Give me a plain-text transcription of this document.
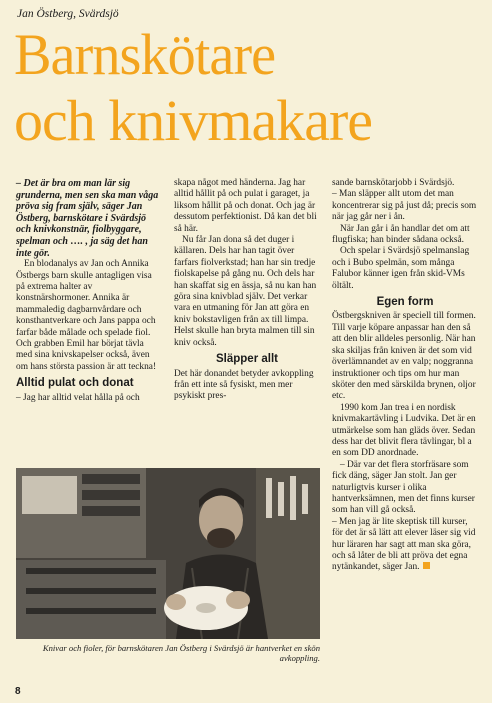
Jan Östberg, Svärdsjö
Barnskötare
och knivmakare

– Det är bra om man lär sig grunderna, men sen ska man våga pröva sig fram själv, säger Jan Östberg, barnskötare i Svärdsjö och knivkonstnär, fiolbyggare, spelman och …. , ja säg det han inte gör.

En blodanalys av Jan och Annika Östbergs barn skulle antagligen visa på extrema halter av konstnärshormoner. Annika är mammaledig dagbarnvårdare och konsthantverkare och Jans pappa och farfar både målade och spelade fiol. Och grabben Emil har börjat tävla med sina knivskapelser också, även om hans största passion är att teckna!

Alltid pulat och donat

– Jag har alltid velat hålla på och

skapa något med händerna. Jag har alltid hållit på och pulat i garaget, ja liksom hållit på och donat. Och jag är dessutom perfektionist. Då kan det bli så här.

Nu får Jan dona så det duger i källaren. Dels har han tagit över farfars fiolverkstad; han har sin tredje fiolskapelse på gång nu. Och dels har han skaffat sig en ässja, så nu kan han göra sina knivblad själv. Det verkar vara en utmaning för Jan att göra en kniv bokstavligen från ax till limpa. Helst skulle han bryta malmen till sin kniv också.

Släpper allt

Det här donandet betyder avkoppling från ett inte så fysiskt, men mer psykiskt pres-

sande barnskötarjobb i Svärdsjö.

– Man släpper allt utom det man koncentrerar sig på just då; precis som när jag går ner i ån.

När Jan går i ån handlar det om att flugfiska; han binder sådana också.

Och spelar i Svärdsjö spelmanslag och i Bubo spelmän, som många Falubor känner igen från skid-VMs öltält.

Egen form

Östbergskniven är speciell till formen. Till varje köpare anpassar han den så att den blir alldeles personlig. När han ska skiljas från kniven är det som vid överlämnandet av en valp; noggranna instruktioner och tips om hur man sköter den med särskilda brynen, oljor etc.

1990 kom Jan trea i en nordisk knivmakartävling i Ludvika. Det är en utmärkelse som han gläds över. Sedan dess har det blivit flera tävlingar, bl a en som DD anordnade.

– Där var det flera storfräsare som fick däng, säger Jan stolt. Jan ger naturligtvis kurser i olika hantverksämnen, men det finns kurser som han vill gå också.

– Men jag är lite skeptisk till kurser, för det är så lätt att elever läser sig vid hur läraren har sagt att man ska göra, och så låter de bli att pröva det egna nytänkandet, säger Jan.

Knivar och fioler, för barnskötaren Jan Östberg i Svärdsjö är hantverket en skön avkoppling.
8
